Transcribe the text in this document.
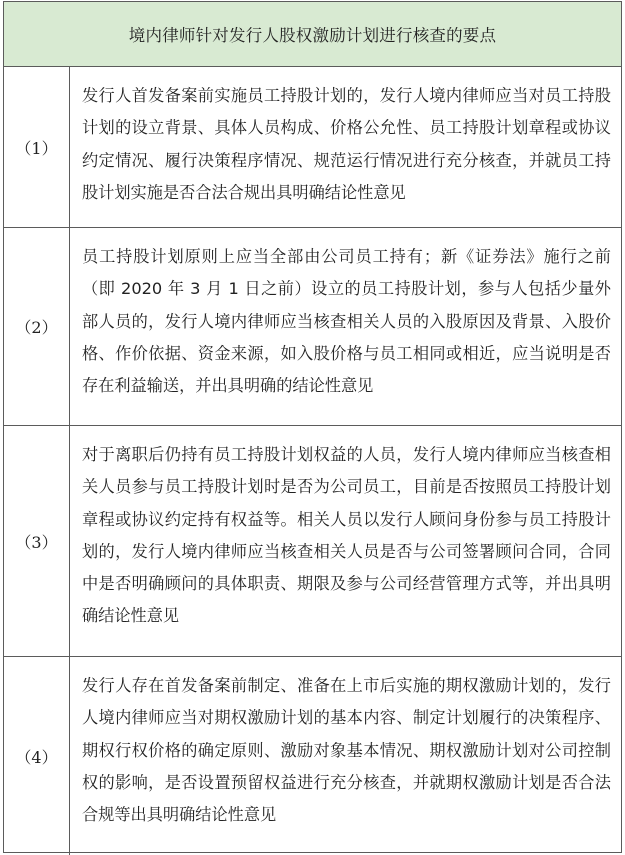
境内律师针对发行人股权激励计划进行核查的要点
（1）
发行人首发备案前实施员工持股计划的，发行人境内律师应当对员工持股计划的设立背景、具体人员构成、价格公允性、员工持股计划章程或协议约定情况、履行决策程序情况、规范运行情况进行充分核查，并就员工持股计划实施是否合法合规出具明确结论性意见
（2）
员工持股计划原则上应当全部由公司员工持有；新《证券法》施行之前（即 2020 年 3 月 1 日之前）设立的员工持股计划，参与人包括少量外部人员的，发行人境内律师应当核查相关人员的入股原因及背景、入股价格、作价依据、资金来源，如入股价格与员工相同或相近，应当说明是否存在利益输送，并出具明确的结论性意见
（3）
对于离职后仍持有员工持股计划权益的人员，发行人境内律师应当核查相关人员参与员工持股计划时是否为公司员工，目前是否按照员工持股计划章程或协议约定持有权益等。相关人员以发行人顾问身份参与员工持股计划的，发行人境内律师应当核查相关人员是否与公司签署顾问合同，合同中是否明确顾问的具体职责、期限及参与公司经营管理方式等，并出具明确结论性意见
（4）
发行人存在首发备案前制定、准备在上市后实施的期权激励计划的，发行人境内律师应当对期权激励计划的基本内容、制定计划履行的决策程序、期权行权价格的确定原则、激励对象基本情况、期权激励计划对公司控制权的影响，是否设置预留权益进行充分核查，并就期权激励计划是否合法合规等出具明确结论性意见
